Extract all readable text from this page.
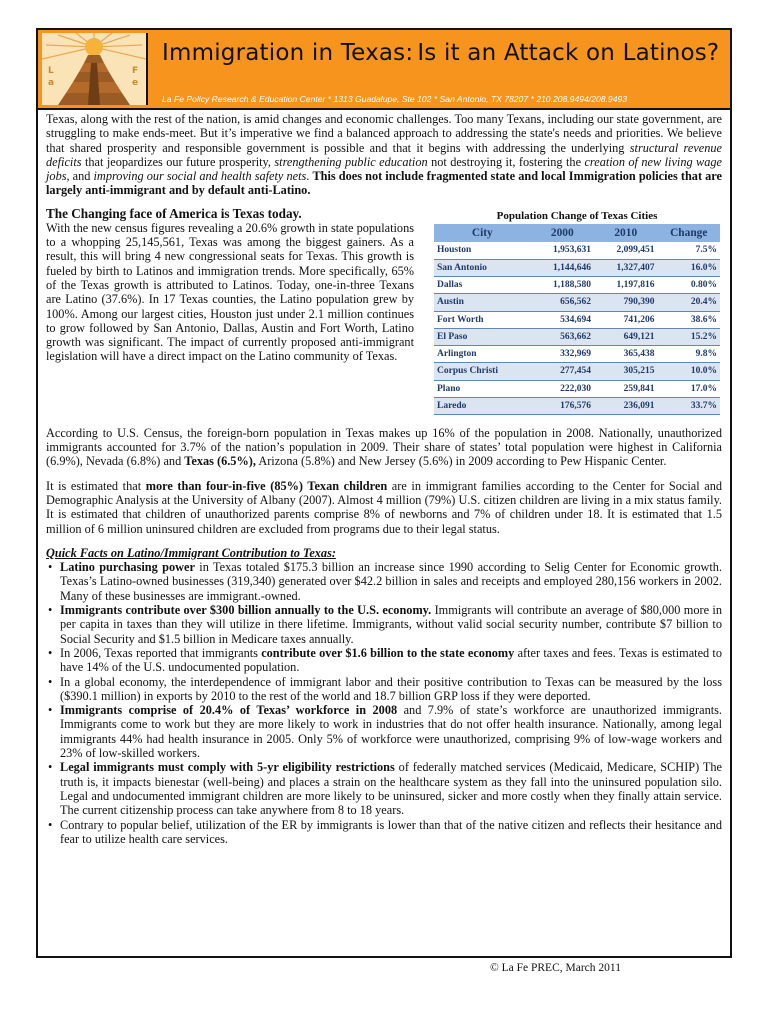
L
a
F
e
Immigration in Texas: Is it an Attack on Latinos?
La Fe Policy Research & Education Center * 1313 Guadalupe, Ste 102 * San Antonio, TX 78207 * 210.208.9494/208.9493

Texas, along with the rest of the nation, is amid changes and economic challenges. Too many Texans, including our state government, are struggling to make ends-meet. But it’s imperative we find a balanced approach to addressing the state's needs and priorities. We believe that shared prosperity and responsible government is possible and that it begins with addressing the underlying structural revenue deficits that jeopardizes our future prosperity, strengthening public education not destroying it, fostering the creation of new living wage jobs, and improving our social and health safety nets. This does not include fragmented state and local Immigration policies that are largely anti-immigrant and by default anti-Latino.

The Changing face of America is Texas today.

With the new census figures revealing a 20.6% growth in state populations to a whopping 25,145,561, Texas was among the biggest gainers. As a result, this will bring 4 new congressional seats for Texas. This growth is fueled by birth to Latinos and immigration trends. More specifically, 65% of the Texas growth is attributed to Latinos. Today, one-in-three Texans are Latino (37.6%). In 17 Texas counties, the Latino population grew by 100%. Among our largest cities, Houston just under 2.1 million continues to grow followed by San Antonio, Dallas, Austin and Fort Worth, Latino growth was significant. The impact of currently proposed anti-immigrant legislation will have a direct impact on the Latino community of Texas.

Population Change of Texas Cities
City	2000	2010	Change
Houston	1,953,631	2,099,451	7.5%
San Antonio	1,144,646	1,327,407	16.0%
Dallas	1,188,580	1,197,816	0.80%
Austin	656,562	790,390	20.4%
Fort Worth	534,694	741,206	38.6%
El Paso	563,662	649,121	15.2%
Arlington	332,969	365,438	9.8%
Corpus Christi	277,454	305,215	10.0%
Plano	222,030	259,841	17.0%
Laredo	176,576	236,091	33.7%

According to U.S. Census, the foreign-born population in Texas makes up 16% of the population in 2008. Nationally, unauthorized immigrants accounted for 3.7% of the nation’s population in 2009. Their share of states’ total population were highest in California (6.9%), Nevada (6.8%) and Texas (6.5%), Arizona (5.8%) and New Jersey (5.6%) in 2009 according to Pew Hispanic Center.

It is estimated that more than four-in-five (85%) Texan children are in immigrant families according to the Center for Social and Demographic Analysis at the University of Albany (2007). Almost 4 million (79%) U.S. citizen children are living in a mix status family. It is estimated that children of unauthorized parents comprise 8% of newborns and 7% of children under 18. It is estimated that 1.5 million of 6 million uninsured children are excluded from programs due to their legal status.

Quick Facts on Latino/Immigrant Contribution to Texas:
• Latino purchasing power in Texas totaled $175.3 billion an increase since 1990 according to Selig Center for Economic growth. Texas’s Latino-owned businesses (319,340) generated over $42.2 billion in sales and receipts and employed 280,156 workers in 2002. Many of these businesses are immigrant.-owned.
• Immigrants contribute over $300 billion annually to the U.S. economy. Immigrants will contribute an average of $80,000 more in per capita in taxes than they will utilize in there lifetime. Immigrants, without valid social security number, contribute $7 billion to Social Security and $1.5 billion in Medicare taxes annually.
• In 2006, Texas reported that immigrants contribute over $1.6 billion to the state economy after taxes and fees. Texas is estimated to have 14% of the U.S. undocumented population.
• In a global economy, the interdependence of immigrant labor and their positive contribution to Texas can be measured by the loss ($390.1 million) in exports by 2010 to the rest of the world and 18.7 billion GRP loss if they were deported.
• Immigrants comprise of 20.4% of Texas’ workforce in 2008 and 7.9% of state’s workforce are unauthorized immigrants. Immigrants come to work but they are more likely to work in industries that do not offer health insurance. Nationally, among legal immigrants 44% had health insurance in 2005. Only 5% of workforce were unauthorized, comprising 9% of low-wage workers and 23% of low-skilled workers.
• Legal immigrants must comply with 5-yr eligibility restrictions of federally matched services (Medicaid, Medicare, SCHIP) The truth is, it impacts bienestar (well-being) and places a strain on the healthcare system as they fall into the uninsured population silo. Legal and undocumented immigrant children are more likely to be uninsured, sicker and more costly when they finally attain service. The current citizenship process can take anywhere from 8 to 18 years.
• Contrary to popular belief, utilization of the ER by immigrants is lower than that of the native citizen and reflects their hesitance and fear to utilize health care services.
© La Fe PREC, March 2011
